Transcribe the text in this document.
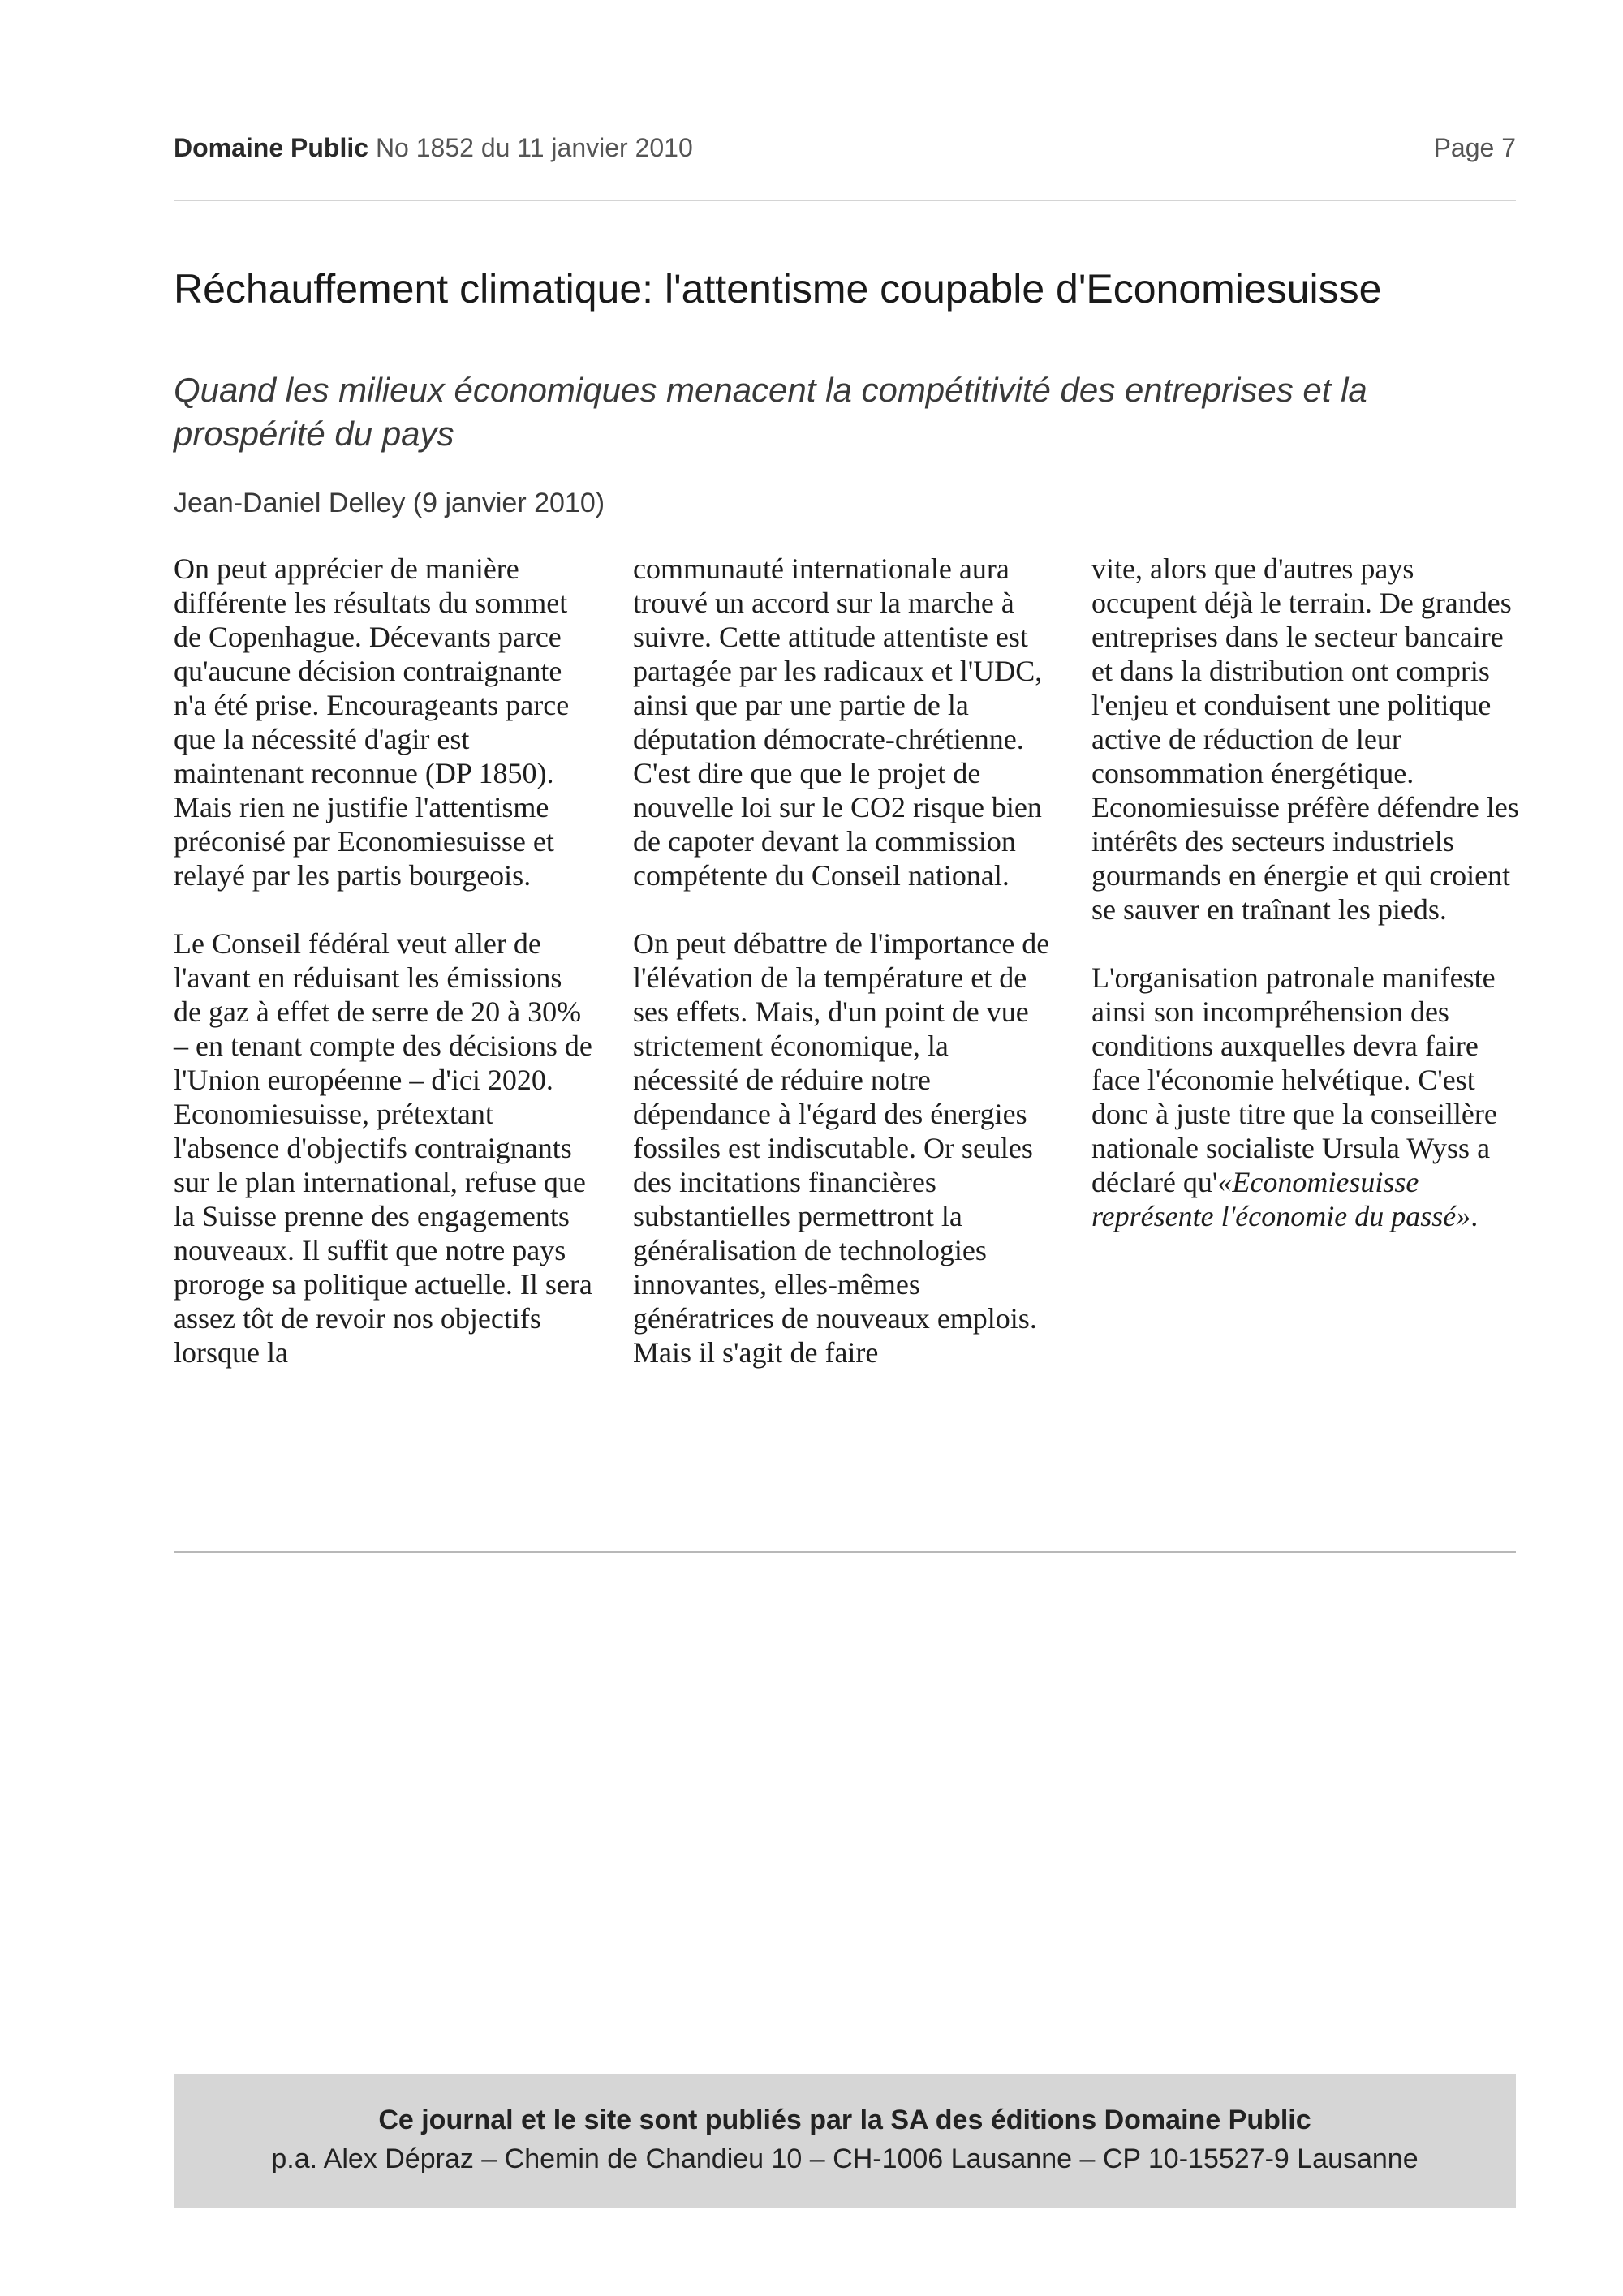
Domaine Public No 1852 du 11 janvier 2010	Page 7
Réchauffement climatique: l'attentisme coupable d'Economiesuisse
Quand les milieux économiques menacent la compétitivité des entreprises et la prospérité du pays
Jean-Daniel Delley (9 janvier 2010)

On peut apprécier de manière différente les résultats du sommet de Copenhague. Décevants parce qu'aucune décision contraignante n'a été prise. Encourageants parce que la nécessité d'agir est maintenant reconnue (DP 1850). Mais rien ne justifie l'attentisme préconisé par Economiesuisse et relayé par les partis bourgeois.

Le Conseil fédéral veut aller de l'avant en réduisant les émissions de gaz à effet de serre de 20 à 30% – en tenant compte des décisions de l'Union européenne – d'ici 2020. Economiesuisse, prétextant l'absence d'objectifs contraignants sur le plan international, refuse que la Suisse prenne des engagements nouveaux. Il suffit que notre pays proroge sa politique actuelle. Il sera assez tôt de revoir nos objectifs lorsque la

communauté internationale aura trouvé un accord sur la marche à suivre. Cette attitude attentiste est partagée par les radicaux et l'UDC, ainsi que par une partie de la députation démocrate-chrétienne. C'est dire que que le projet de nouvelle loi sur le CO2 risque bien de capoter devant la commission compétente du Conseil national.

On peut débattre de l'importance de l'élévation de la température et de ses effets. Mais, d'un point de vue strictement économique, la nécessité de réduire notre dépendance à l'égard des énergies fossiles est indiscutable. Or seules des incitations financières substantielles permettront la généralisation de technologies innovantes, elles-mêmes génératrices de nouveaux emplois. Mais il s'agit de faire

vite, alors que d'autres pays occupent déjà le terrain. De grandes entreprises dans le secteur bancaire et dans la distribution ont compris l'enjeu et conduisent une politique active de réduction de leur consommation énergétique. Economiesuisse préfère défendre les intérêts des secteurs industriels gourmands en énergie et qui croient se sauver en traînant les pieds.

L'organisation patronale manifeste ainsi son incompréhension des conditions auxquelles devra faire face l'économie helvétique. C'est donc à juste titre que la conseillère nationale socialiste Ursula Wyss a déclaré qu'«Economiesuisse représente l'économie du passé».

Ce journal et le site sont publiés par la SA des éditions Domaine Public
p.a. Alex Dépraz – Chemin de Chandieu 10 – CH-1006 Lausanne – CP 10-15527-9 Lausanne
